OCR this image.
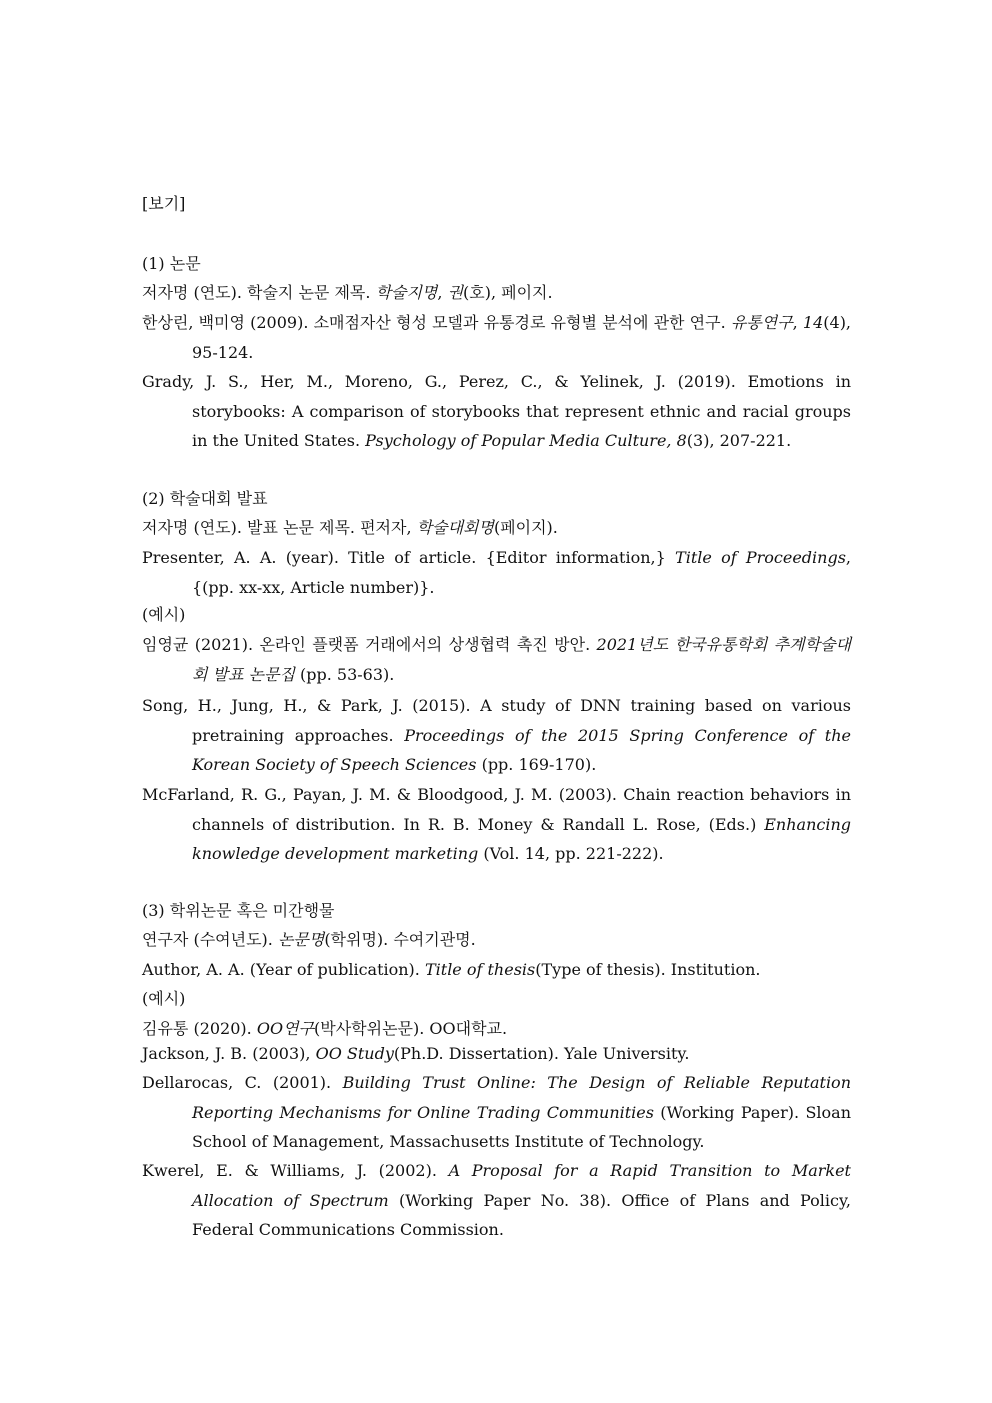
[보기]
(1) 논문
저자명 (연도). 학술지 논문 제목. 학술지명, 권(호), 페이지.
한상린, 백미영 (2009). 소매점자산 형성 모델과 유통경로 유형별 분석에 관한 연구. 유통연구, 14(4), 95-124.
Grady, J. S., Her, M., Moreno, G., Perez, C., & Yelinek, J. (2019). Emotions in storybooks: A comparison of storybooks that represent ethnic and racial groups in the United States. Psychology of Popular Media Culture, 8(3), 207-221.
(2) 학술대회 발표
저자명 (연도). 발표 논문 제목. 편저자, 학술대회명(페이지).
Presenter, A. A. (year). Title of article. {Editor information,} Title of Proceedings, {(pp. xx-xx, Article number)}.
(예시)
임영균 (2021). 온라인 플랫폼 거래에서의 상생협력 촉진 방안. 2021년도 한국유통학회 추계학술대회 발표 논문집 (pp. 53-63).
Song, H., Jung, H., & Park, J. (2015). A study of DNN training based on various pretraining approaches. Proceedings of the 2015 Spring Conference of the Korean Society of Speech Sciences (pp. 169-170).
McFarland, R. G., Payan, J. M. & Bloodgood, J. M. (2003). Chain reaction behaviors in channels of distribution. In R. B. Money & Randall L. Rose, (Eds.) Enhancing knowledge development marketing (Vol. 14, pp. 221-222).
(3) 학위논문 혹은 미간행물
연구자 (수여년도). 논문명(학위명). 수여기관명.
Author, A. A. (Year of publication). Title of thesis(Type of thesis). Institution.
(예시)
김유통 (2020). OO연구(박사학위논문). OO대학교.
Jackson, J. B. (2003), OO Study(Ph.D. Dissertation). Yale University.
Dellarocas, C. (2001). Building Trust Online: The Design of Reliable Reputation Reporting Mechanisms for Online Trading Communities (Working Paper). Sloan School of Management, Massachusetts Institute of Technology.
Kwerel, E. & Williams, J. (2002). A Proposal for a Rapid Transition to Market Allocation of Spectrum (Working Paper No. 38). Office of Plans and Policy, Federal Communications Commission.
